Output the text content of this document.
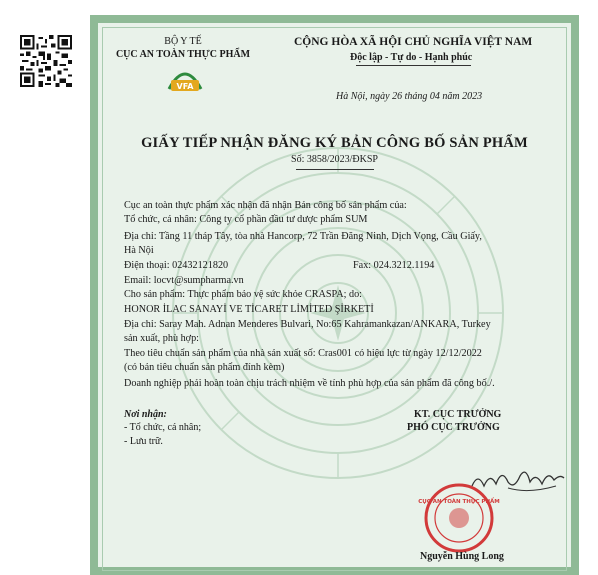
BỘ Y TẾ
CỤC AN TOÀN THỰC PHẨM
VFA
CỘNG HÒA XÃ HỘI CHỦ NGHĨA VIỆT NAM
Độc lập - Tự do - Hạnh phúc
Hà Nội, ngày 26 tháng 04 năm 2023
GIẤY TIẾP NHẬN ĐĂNG KÝ BẢN CÔNG BỐ SẢN PHẨM
Số: 3858/2023/ĐKSP
Cục an toàn thực phẩm xác nhận đã nhận Bản công bố sản phẩm của:
Tổ chức, cá nhân: Công ty cổ phần đầu tư dược phẩm SUM
Địa chỉ: Tầng 11 tháp Tây, tòa nhà Hancorp, 72 Trần Đăng Ninh, Dịch Vọng, Cầu Giấy,
Hà Nội
Điện thoại: 02432121820	Fax: 024.3212.1194
Email: locvt@sumpharma.vn
Cho sản phẩm: Thực phẩm bảo vệ sức khỏe CRASPA; do:
HONOR İLAC SANAYİ VE TİCARET LİMİTED ŞİRKETİ
Địa chỉ: Saray Mah. Adnan Menderes Bulvari, No:65 Kahramankazan/ANKARA, Turkey
sản xuất, phù hợp:
Theo tiêu chuẩn sản phẩm của nhà sản xuất số: Cras001 có hiệu lực từ ngày 12/12/2022
(có bản tiêu chuẩn sản phẩm đính kèm)
Doanh nghiệp phải hoàn toàn chịu trách nhiệm về tính phù hợp của sản phẩm đã công bố./.
Nơi nhận:
- Tổ chức, cá nhân;
- Lưu trữ.
KT. CỤC TRƯỞNG
PHÓ CỤC TRƯỞNG
nguhsuur
CỤC AN TOÀN THỰC PHẨM
Nguyễn Hùng Long
